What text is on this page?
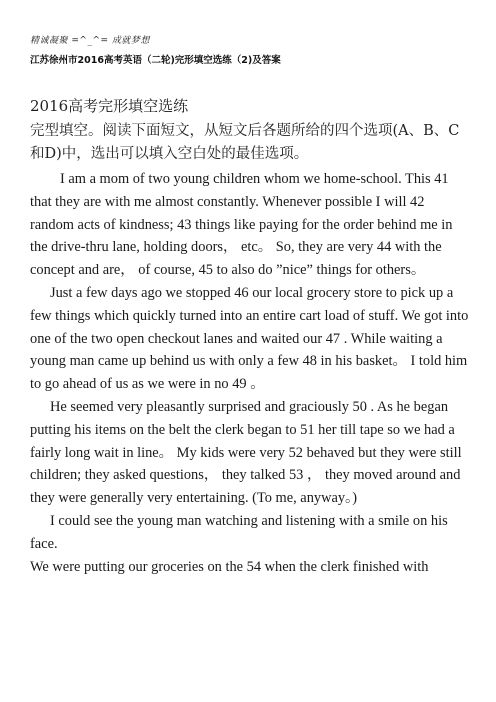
精诚凝聚 =^_^= 成就梦想
江苏徐州市2016高考英语（二轮)完形填空选练（2)及答案
2016高考完形填空选练
完型填空。阅读下面短文，从短文后各题所给的四个选项(A、B、C和D)中，选出可以填入空白处的最佳选项。

I am a mom of two young children whom we home-school. This 41 that they are with me almost constantly. Whenever possible I will 42 random acts of kindness; 43 things like paying for the order behind me in the drive-thru lane, holding doors， etc。 So, they are very 44 with the concept and are， of course, 45 to also do ”nice” things for others。

Just a few days ago we stopped 46 our local grocery store to pick up a few things which quickly turned into an entire cart load of stuff. We got into one of the two open checkout lanes and waited our 47 . While waiting a young man came up behind us with only a few 48 in his basket。 I told him to go ahead of us as we were in no 49 。

He seemed very pleasantly surprised and graciously 50 . As he began putting his items on the belt the clerk began to 51 her till tape so we had a fairly long wait in line。 My kids were very 52 behaved but they were still children; they asked questions， they talked 53 ， they moved around and they were generally very entertaining. (To me, anyway。)

I could see the young man watching and listening with a smile on his face.

We were putting our groceries on the 54 when the clerk finished with
